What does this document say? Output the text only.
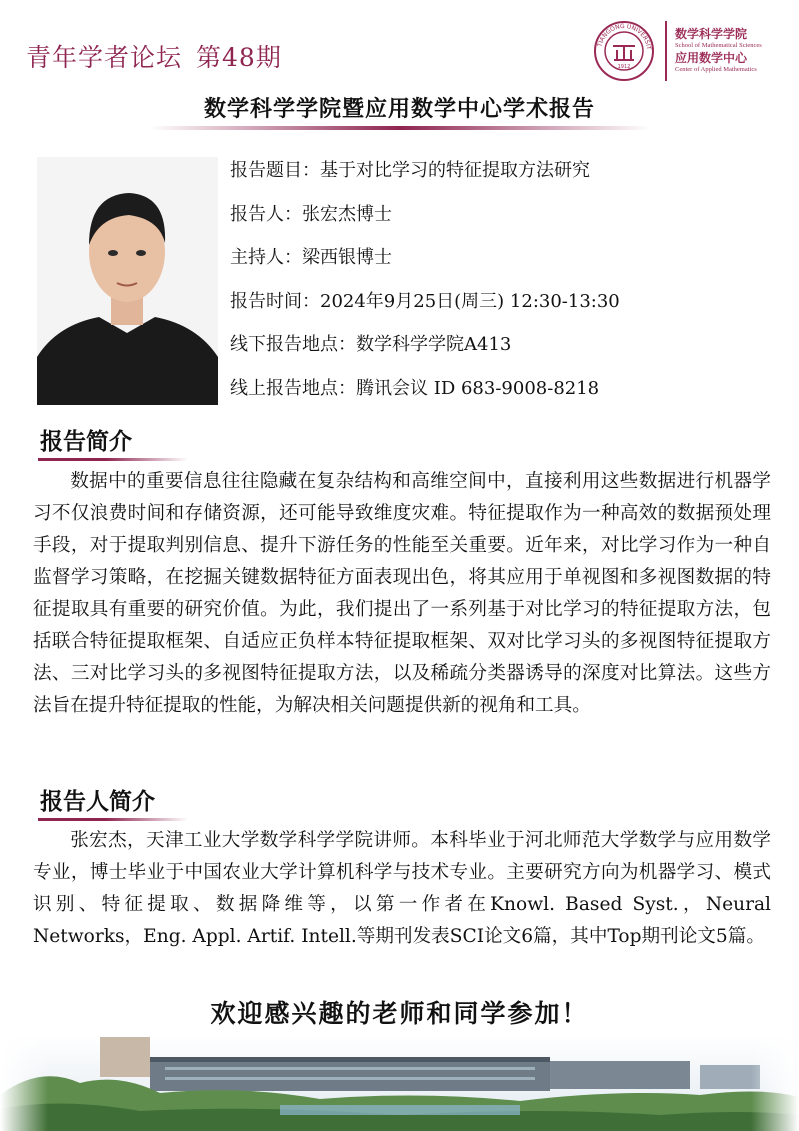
青年学者论坛 第48期	TIANGONG UNIVERSIT
1912
数学科学学院
School of Mathematical Sciences
应用数学中心
Center of Applied Mathematics
数学科学学院暨应用数学中心学术报告
报告题目：基于对比学习的特征提取方法研究
报告人：张宏杰博士
主持人：梁西银博士
报告时间：2024年9月25日(周三) 12:30-13:30
线下报告地点：数学科学学院A413
线上报告地点：腾讯会议 ID 683-9008-8218
报告简介
数据中的重要信息往往隐藏在复杂结构和高维空间中，直接利用这些数据进行机器学习不仅浪费时间和存储资源，还可能导致维度灾难。特征提取作为一种高效的数据预处理手段，对于提取判别信息、提升下游任务的性能至关重要。近年来，对比学习作为一种自监督学习策略，在挖掘关键数据特征方面表现出色，将其应用于单视图和多视图数据的特征提取具有重要的研究价值。为此，我们提出了一系列基于对比学习的特征提取方法，包括联合特征提取框架、自适应正负样本特征提取框架、双对比学习头的多视图特征提取方法、三对比学习头的多视图特征提取方法，以及稀疏分类器诱导的深度对比算法。这些方法旨在提升特征提取的性能，为解决相关问题提供新的视角和工具。
报告人简介
张宏杰，天津工业大学数学科学学院讲师。本科毕业于河北师范大学数学与应用数学专业，博士毕业于中国农业大学计算机科学与技术专业。主要研究方向为机器学习、模式识别、特征提取、数据降维等，以第一作者在Knowl. Based Syst.，Neural Networks，Eng. Appl. Artif. Intell.等期刊发表SCI论文6篇，其中Top期刊论文5篇。
欢迎感兴趣的老师和同学参加！
